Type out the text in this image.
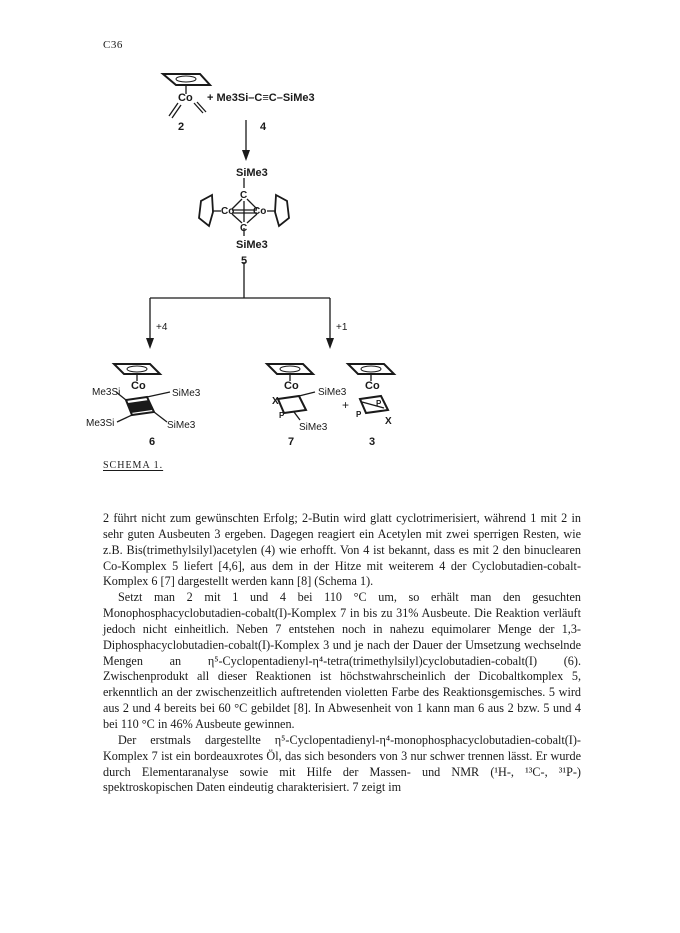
C36
Co + Me3Si–C≡C–SiMe3
2	4
SiMe3
C
Co Co
C
SiMe3
5
+4	+1
Co
Me3Si	SiMe3
Me3Si	SiMe3
6
Co
X
SiMe3
P
SiMe3
7
+
Co
P
P
X
3
SCHEMA 1.

2 führt nicht zum gewünschten Erfolg; 2-Butin wird glatt cyclotrimerisiert, während 1 mit 2 in sehr guten Ausbeuten 3 ergeben. Dagegen reagiert ein Acetylen mit zwei sperrigen Resten, wie z.B. Bis(trimethylsilyl)acetylen (4) wie erhofft. Von 4 ist bekannt, dass es mit 2 den binuclearen Co-Komplex 5 liefert [4,6], aus dem in der Hitze mit weiterem 4 der Cyclobutadien-cobalt-Komplex 6 [7] dargestellt werden kann [8] (Schema 1).

Setzt man 2 mit 1 und 4 bei 110 °C um, so erhält man den gesuchten Monophosphacyclobutadien-cobalt(I)-Komplex 7 in bis zu 31% Ausbeute. Die Reaktion verläuft jedoch nicht einheitlich. Neben 7 entstehen noch in nahezu equimolarer Menge der 1,3-Diphosphacyclobutadien-cobalt(I)-Komplex 3 und je nach der Dauer der Umsetzung wechselnde Mengen an η⁵-Cyclopentadienyl-η⁴-tetra(trimethylsilyl)cyclobutadien-cobalt(I) (6). Zwischenprodukt all dieser Reaktionen ist höchstwahrscheinlich der Dicobaltkomplex 5, erkenntlich an der zwischenzeitlich auftretenden violetten Farbe des Reaktionsgemisches. 5 wird aus 2 und 4 bereits bei 60 °C gebildet [8]. In Abwesenheit von 1 kann man 6 aus 2 bzw. 5 und 4 bei 110 °C in 46% Ausbeute gewinnen.

Der erstmals dargestellte η⁵-Cyclopentadienyl-η⁴-monophosphacyclobutadien-cobalt(I)-Komplex 7 ist ein bordeauxrotes Öl, das sich besonders von 3 nur schwer trennen lässt. Er wurde durch Elementaranalyse sowie mit Hilfe der Massen- und NMR (¹H-, ¹³C-, ³¹P-) spektroskopischen Daten eindeutig charakterisiert. 7 zeigt im
